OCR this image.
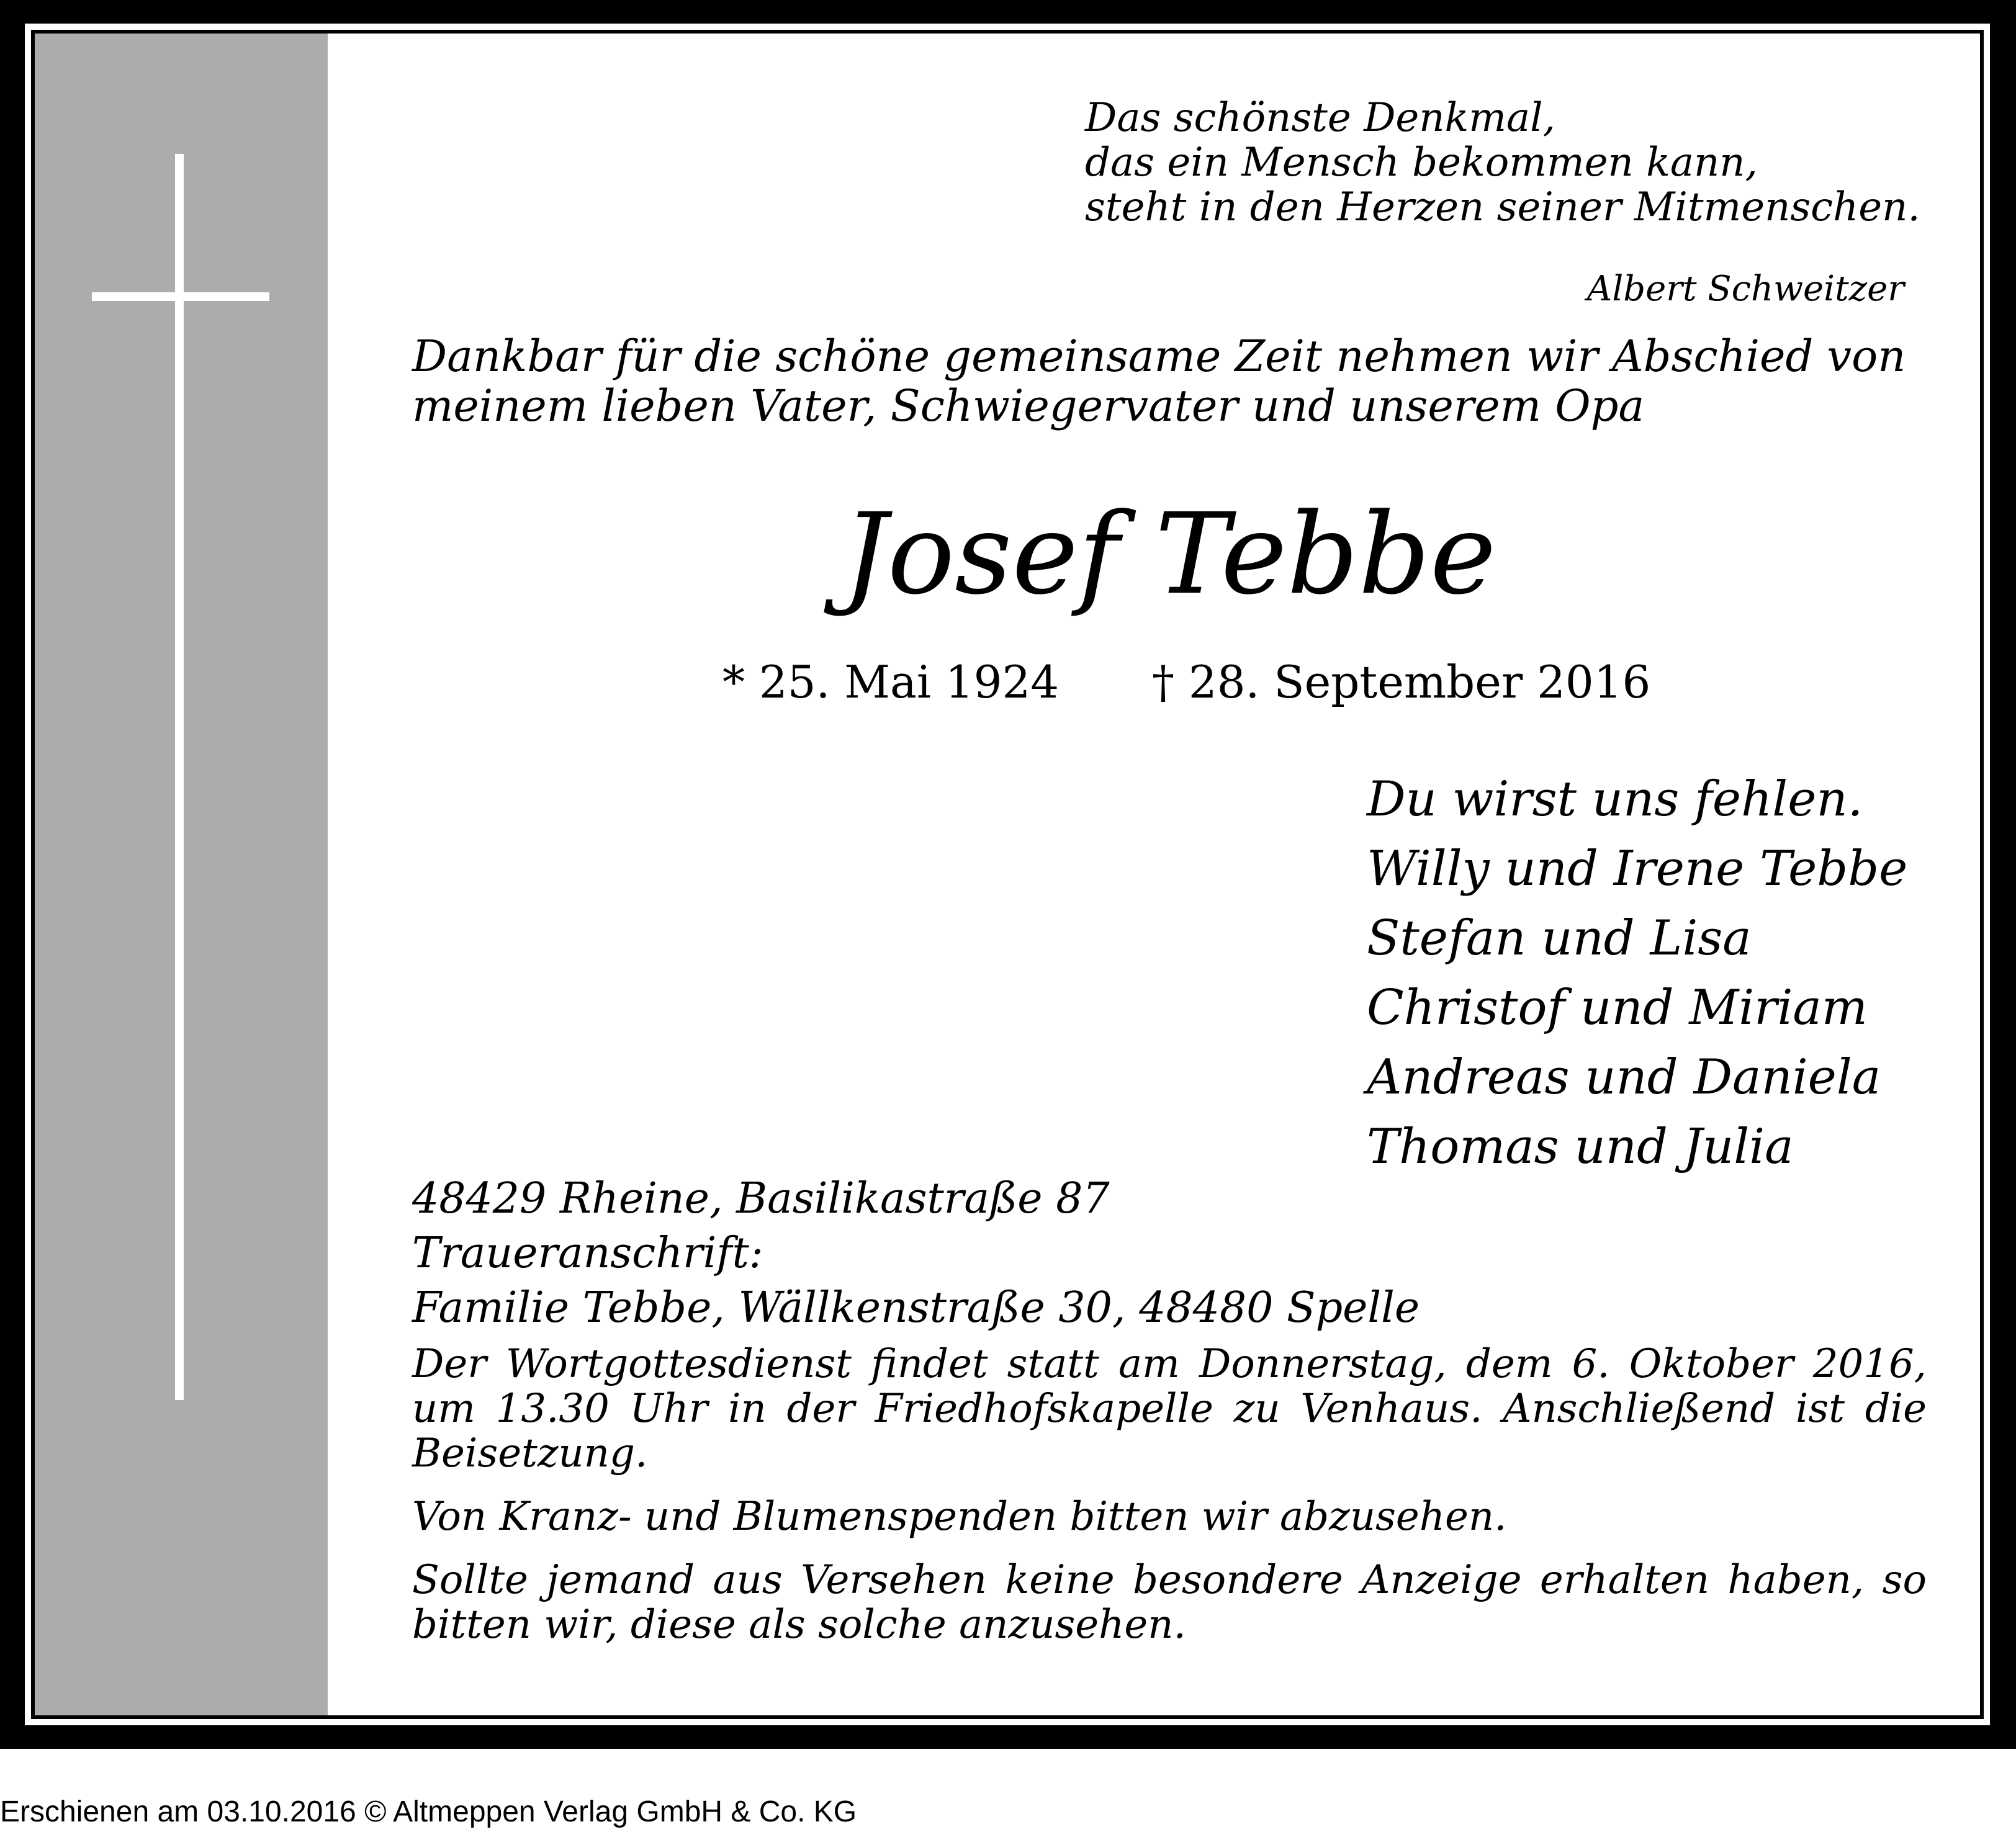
Das schönste Denkmal,
das ein Mensch bekommen kann,
steht in den Herzen seiner Mitmenschen.
Albert Schweitzer
Dankbar für die schöne gemeinsame Zeit nehmen wir Abschied von
meinem lieben Vater, Schwiegervater und unserem Opa
Josef Tebbe
* 25. Mai 1924 † 28. September 2016
Du wirst uns fehlen.
Willy und Irene Tebbe
Stefan und Lisa
Christof und Miriam
Andreas und Daniela
Thomas und Julia
48429 Rheine, Basilikastraße 87
Traueranschrift:
Familie Tebbe, Wällkenstraße 30, 48480 Spelle

Der Wortgottesdienst findet statt am Donnerstag, dem 6. Oktober 2016, um 13.30 Uhr in der Friedhofskapelle zu Venhaus. Anschließend ist die Beisetzung.

Von Kranz- und Blumenspenden bitten wir abzusehen.

Sollte jemand aus Versehen keine besondere Anzeige erhalten haben, so bitten wir, diese als solche anzusehen.

Erschienen am 03.10.2016 © Altmeppen Verlag GmbH & Co. KG
